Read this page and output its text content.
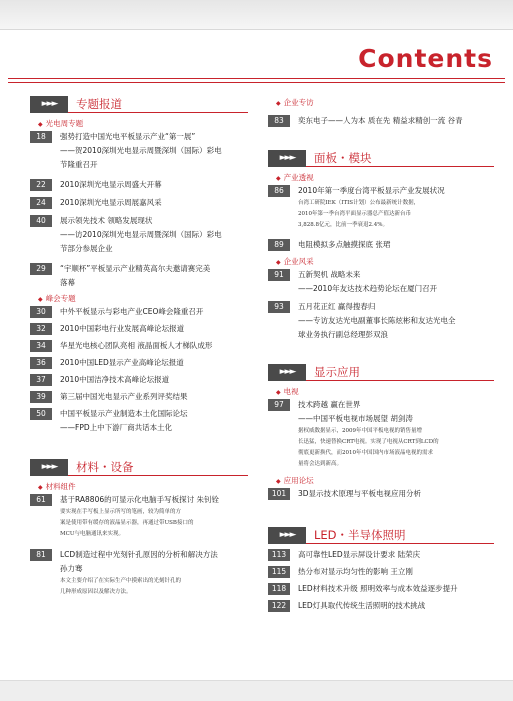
Contents
►►►	专题报道
◆ 光电周专题
18	强势打造中国光电平板显示产业“第一展”
——贺2010深圳光电显示周暨深圳（国际）彩电
节隆重召开
22	2010深圳光电显示周盛大开幕
24	2010深圳光电显示周展嘉风采
40	展示领先技术 领略发展现状
——访2010深圳光电显示周暨深圳（国际）彩电
节部分参展企业
29	“宇顺杯”平板显示产业精英高尔夫邀请赛完美
落幕
◆ 峰会专题
30	中外平板显示与彩电产业CEO峰会隆重召开
32	2010中国彩电行业发展高峰论坛报道
34	华星光电核心团队亮相 液晶面板人才梯队成形
36	2010中国LED显示产业高峰论坛报道
37	2010中国洁净技术高峰论坛报道
39	第三届中国光电显示产业系列评奖结果
50	中国平板显示产业制造本土化国际论坛
——FPD上中下游厂商共话本土化
►►►	材料・设备
◆ 材料组件
61	基于RA8806的可显示化电脑手写板探讨 朱钊铨
要实现在手写板上显示所写的笔画，较为简单的方
案是使用带有缓存的液晶显示器，再通过带USB接口的
MCU与电脑通讯来实现。
81	LCD制造过程中光刻针孔原因的分析和解决方法
孙力骞
本文主要介绍了在实际生产中摸索出的光刻针孔的
几种形成原因以及解决方法。
◆ 企业专访
83	奕东电子——人为本 质在先 精益求精创一流 谷青
►►►	面板・模块
◆ 产业透视
86	2010年第一季度台湾平板显示产业发展状况
台湾工研院IEK（ITIS计划）公布最新统计数据，
2010年第一季台湾平面显示器总产值达新台币
3,828.8亿元，比前一季衰退2.4%。
89	电阻模拟多点触摸探底 张珺
◆ 企业风采
91	五新契机 战略未来
——2010年友达技术趋势论坛在厦门召开
93	五月花正红 赢得搜春归
——专访友达光电副董事长陈炫彬和友达光电全
球业务执行副总经理彭双浪
►►►	显示应用
◆ 电视
97	技术跨越 赢在世界
——中国平板电视市场展望 胡剑涛
据权威数据显示，2009年中国平板电视的销售量增
长迅猛，快速替换CRT电视。实现了电视从CRT到LCD的
彻底更新换代，而2010年中国国内市场液晶电视的需求
量将会达到新高。
◆ 应用论坛
101	3D显示技术原理与平板电视应用分析
►►►	LED・半导体照明
113	高可靠性LED显示屏设计要求 陆荣庆
115	热分布对显示均匀性的影响 王立刚
118	LED材料技术升级 照明效率与成本效益逐步提升
122	LED灯具取代传统生活照明的技术挑战
